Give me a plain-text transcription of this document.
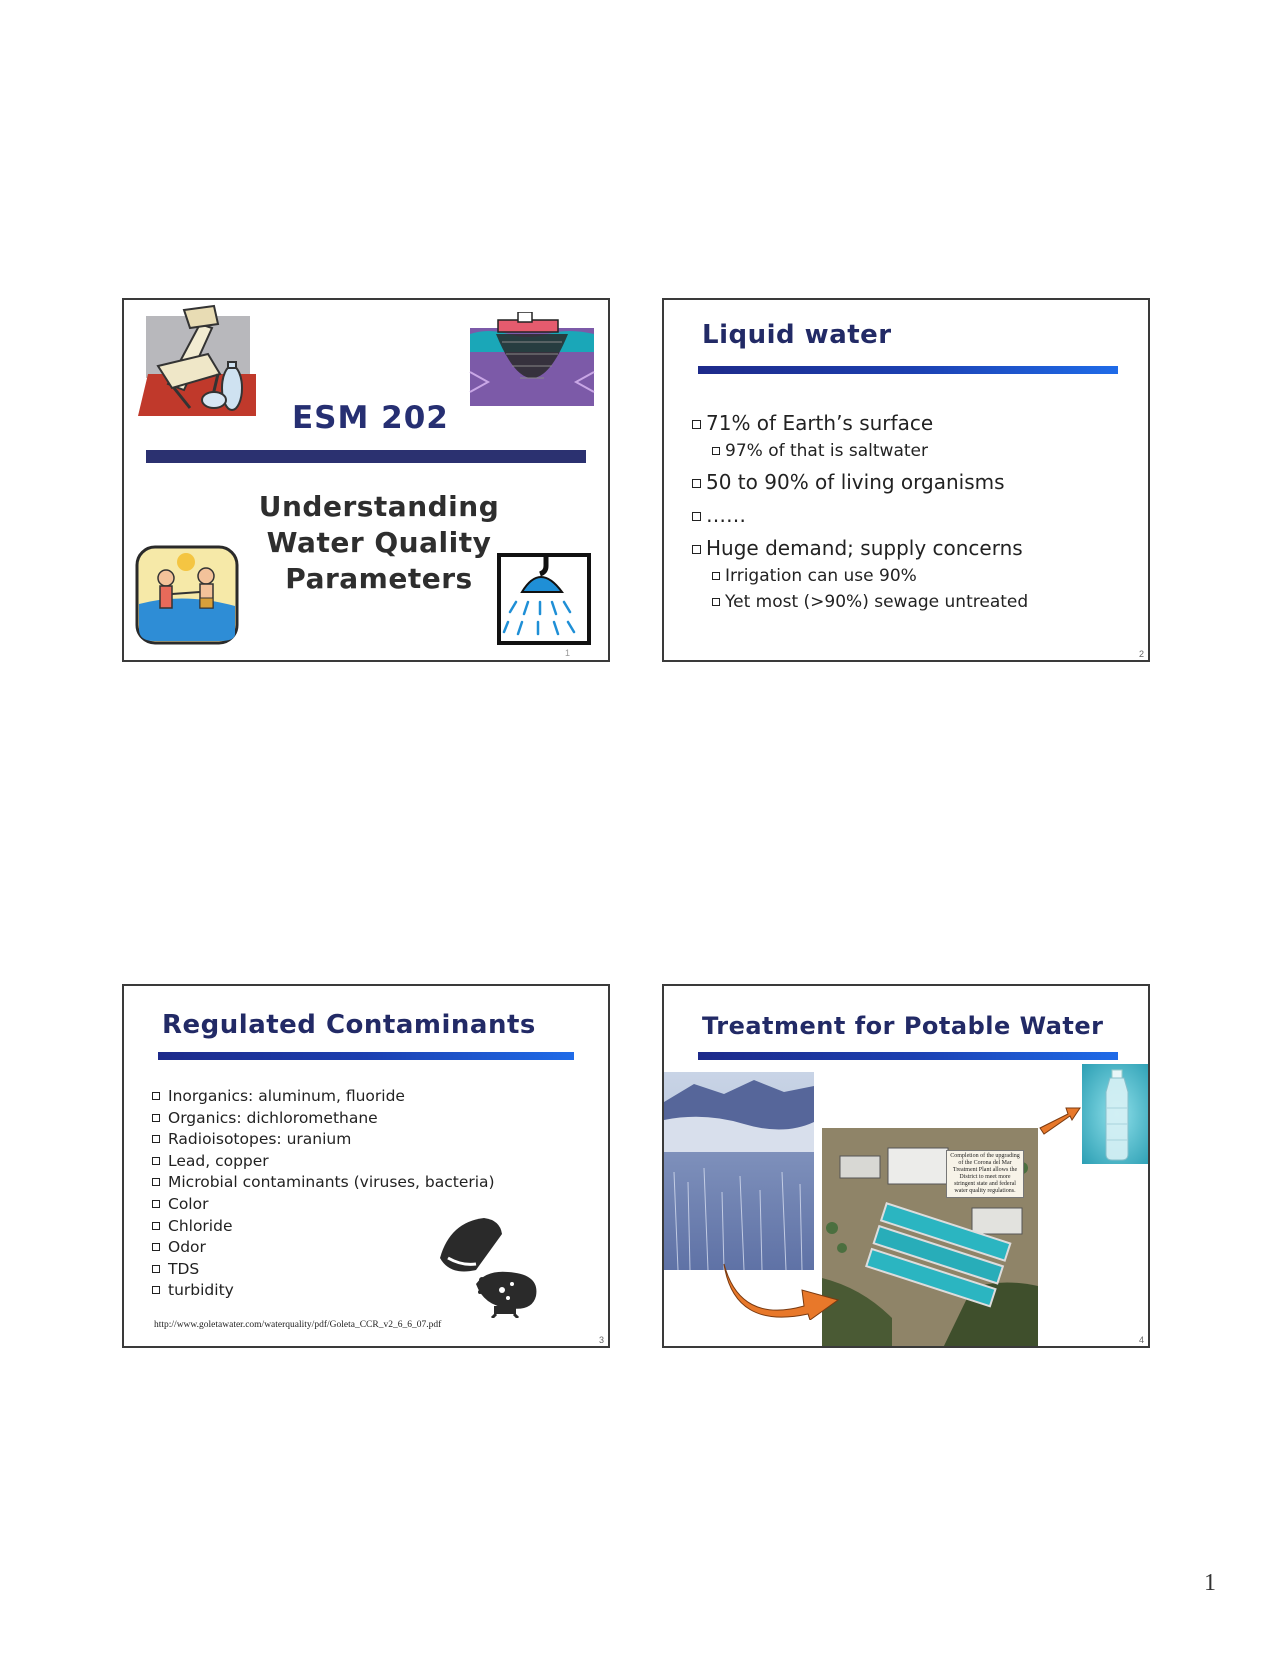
ESM 202
Understanding
Water Quality
Parameters
1
Liquid water
71% of Earth’s surface
97% of that is saltwater
50 to 90% of living organisms
……
Huge demand; supply concerns
Irrigation can use 90%
Yet most (>90%) sewage untreated
2
Regulated Contaminants
Inorganics: aluminum, fluoride
Organics: dichloromethane
Radioisotopes: uranium
Lead, copper
Microbial contaminants (viruses, bacteria)
Color
Chloride
Odor
TDS
turbidity
http://www.goletawater.com/waterquality/pdf/Goleta_CCR_v2_6_6_07.pdf
3
Treatment for Potable Water
Completion of the upgrading of the Corona del Mar Treatment Plant allows the District to meet more stringent state and federal water quality regulations.
4
1
